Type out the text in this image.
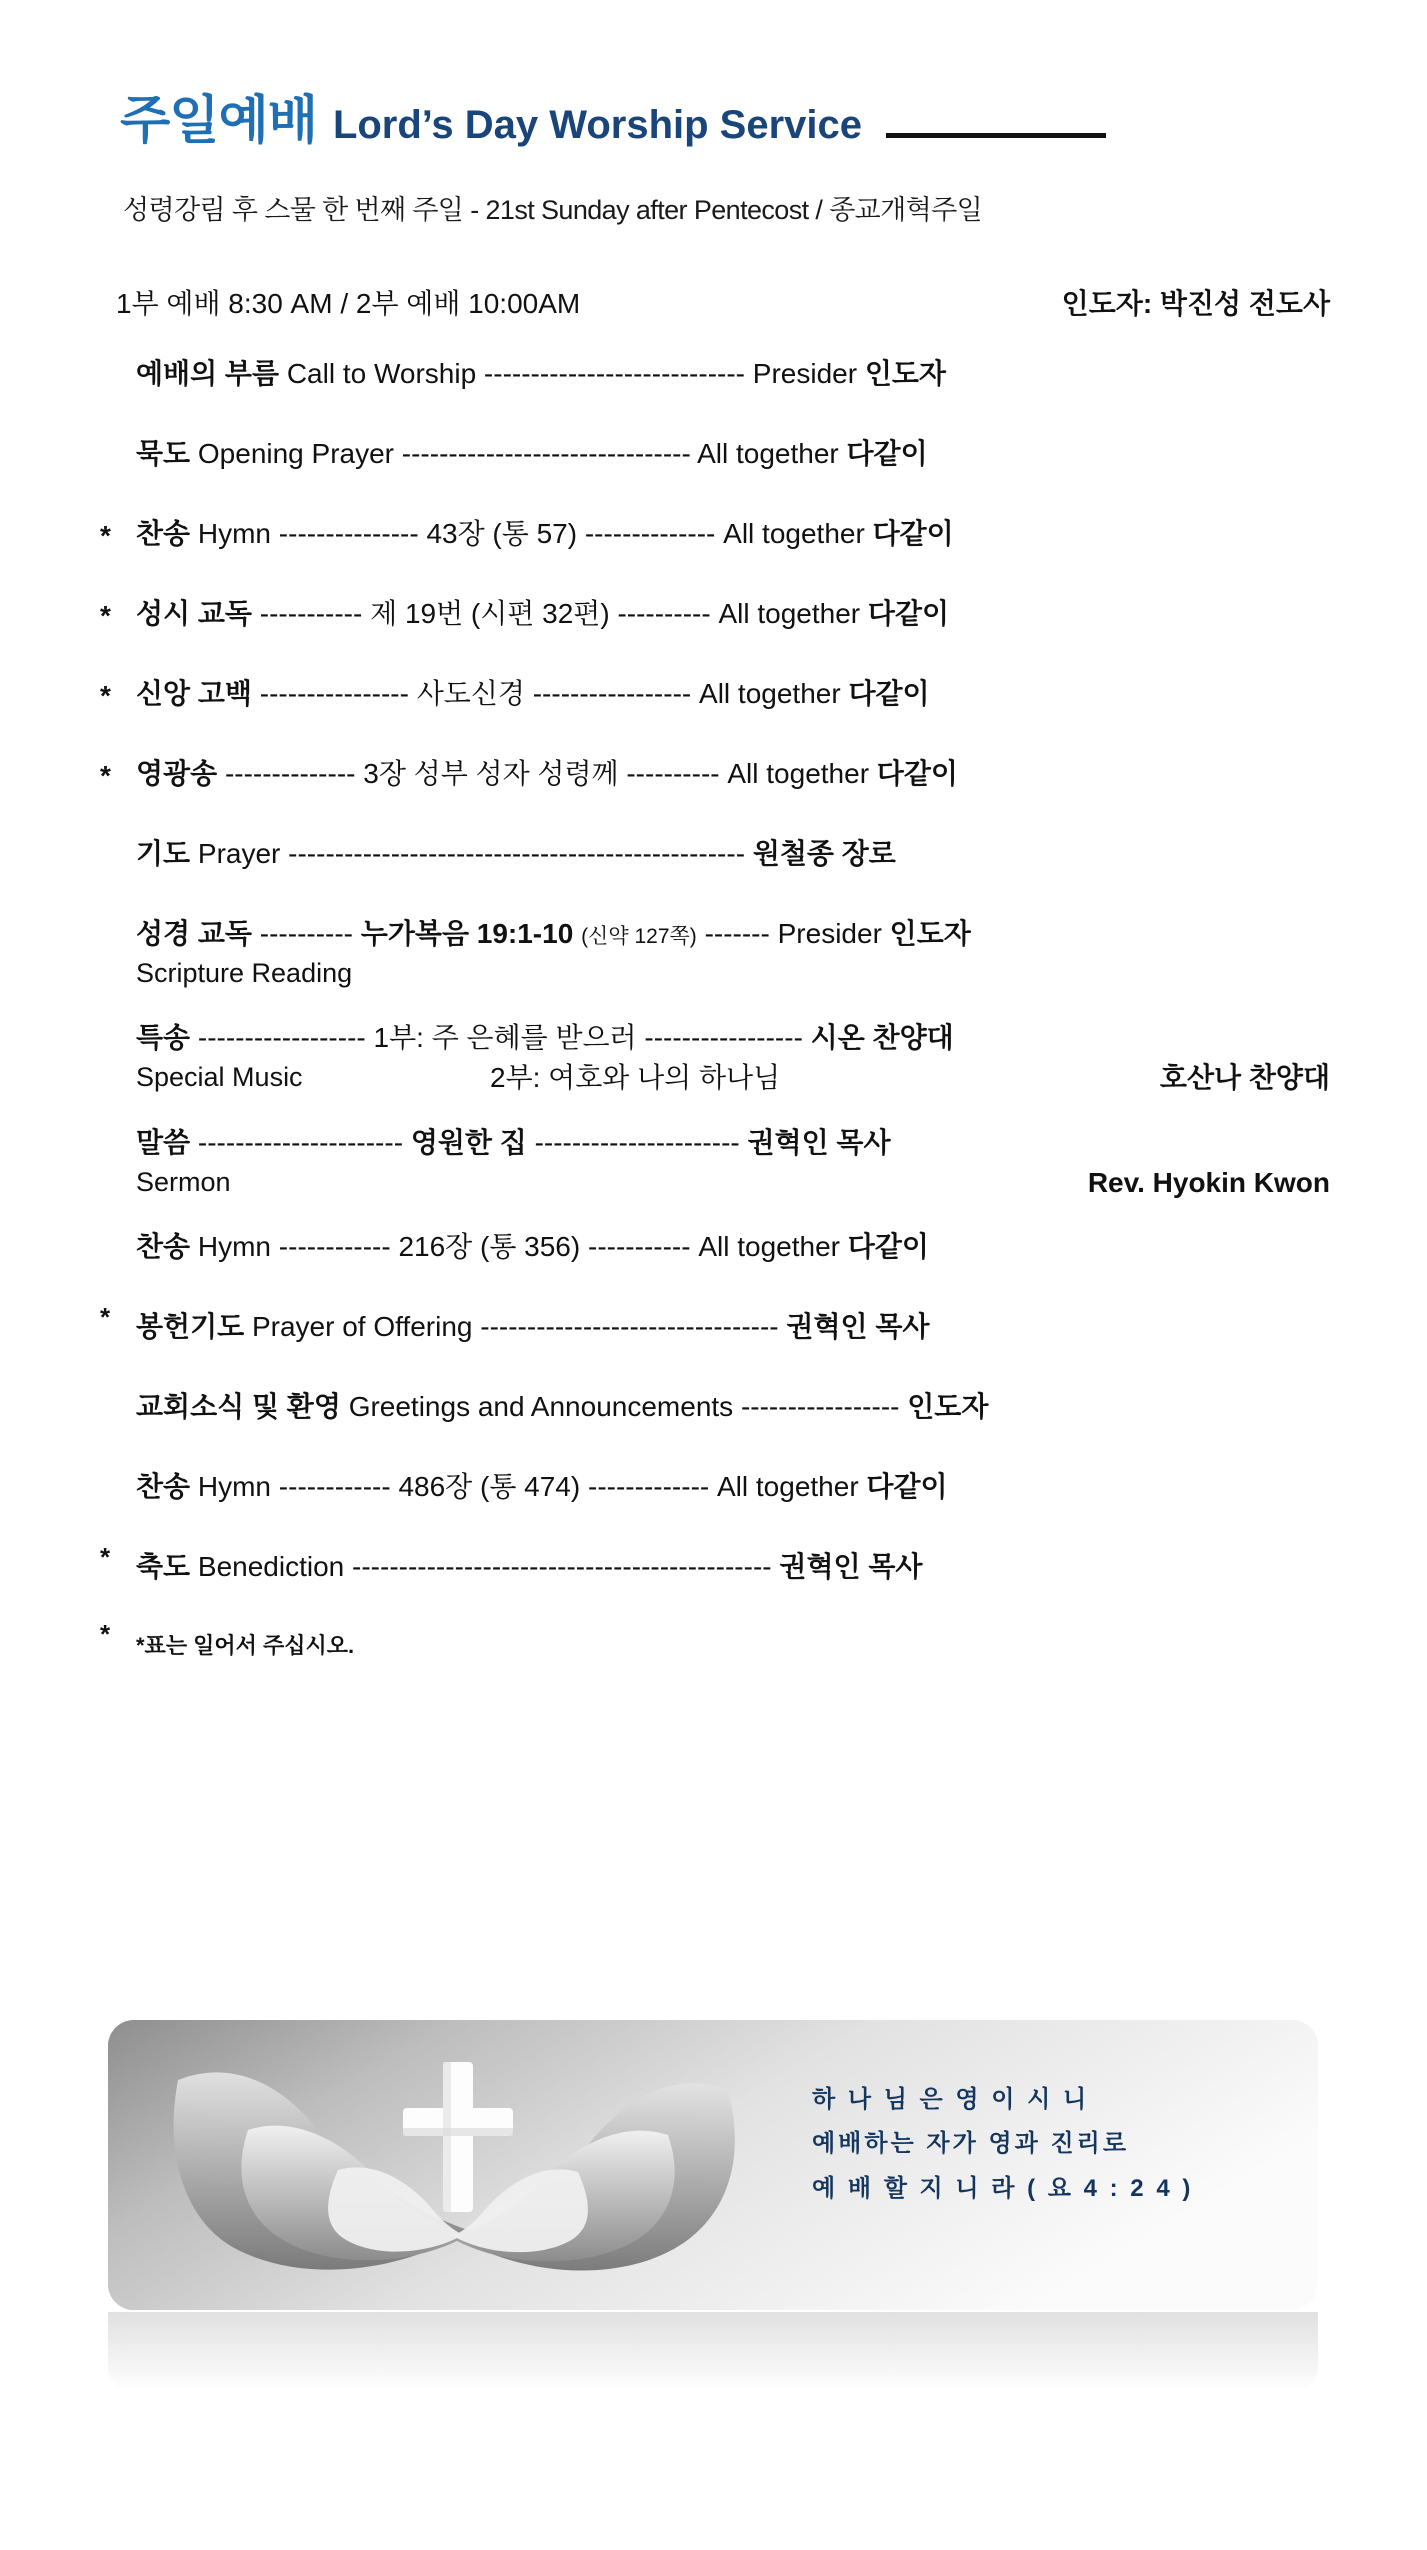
주일예배 Lord’s Day Worship Service
성령강림 후 스물 한 번째 주일 - 21st Sunday after Pentecost / 종교개혁주일
1부 예배 8:30 AM / 2부 예배 10:00AM	인도자: 박진성 전도사
예배의 부름 Call to Worship ---------------------------- Presider 인도자
묵도 Opening Prayer ------------------------------- All together 다같이
* 찬송 Hymn --------------- 43장 (통 57) -------------- All together 다같이
* 성시 교독 ----------- 제 19번 (시편 32편) ---------- All together 다같이
* 신앙 고백 ---------------- 사도신경 ----------------- All together 다같이
* 영광송 -------------- 3장 성부 성자 성령께 ---------- All together 다같이
기도 Prayer ------------------------------------------------- 원철종 장로
성경 교독 ---------- 누가복음 19:1-10 (신약 127쪽) ------- Presider 인도자
Scripture Reading
특송 ------------------ 1부: 주 은혜를 받으러 ----------------- 시온 찬양대
Special Music	2부: 여호와 나의 하나님	호산나 찬양대
말씀 ---------------------- 영원한 집 ---------------------- 권혁인 목사
Sermon	Rev. Hyokin Kwon
찬송 Hymn ------------ 216장 (통 356) ----------- All together 다같이
* 봉헌기도 Prayer of Offering -------------------------------- 권혁인 목사
교회소식 및 환영 Greetings and Announcements ----------------- 인도자
찬송 Hymn ------------ 486장 (통 474) ------------- All together 다같이
* 축도 Benediction --------------------------------------------- 권혁인 목사
* *표는 일어서 주십시오.
하 나 님 은 영 이 시 니
예배하는 자가 영과 진리로
예 배 할 지 니 라 ( 요 4 : 2 4 )
